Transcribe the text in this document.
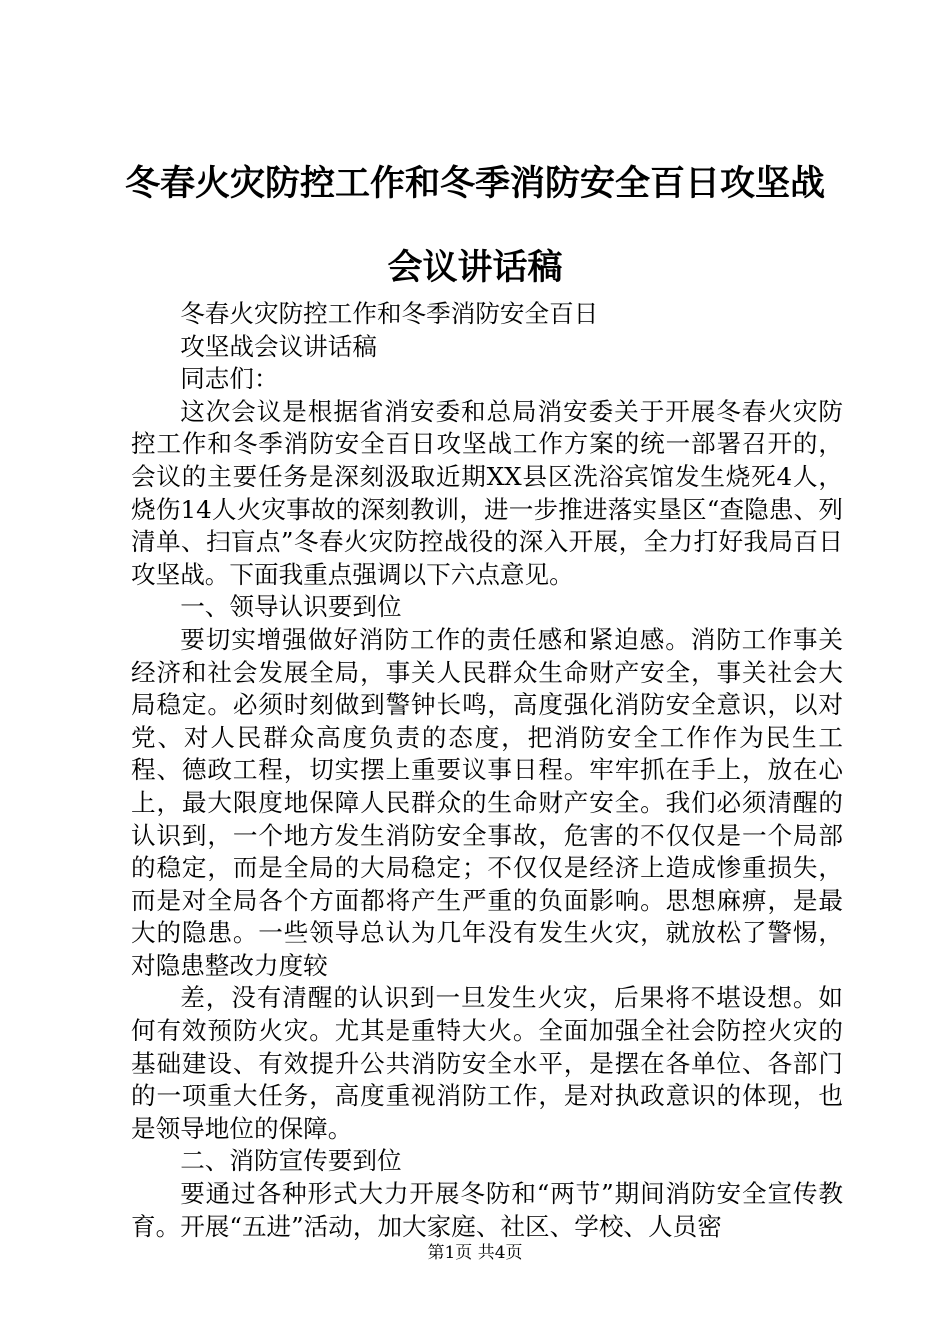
冬春火灾防控工作和冬季消防安全百日攻坚战
会议讲话稿

冬春火灾防控工作和冬季消防安全百日

攻坚战会议讲话稿

同志们：

这次会议是根据省消安委和总局消安委关于开展冬春火灾防控工作和冬季消防安全百日攻坚战工作方案的统一部署召开的，会议的主要任务是深刻汲取近期XX县区洗浴宾馆发生烧死4人，烧伤14人火灾事故的深刻教训，进一步推进落实垦区“查隐患、列清单、扫盲点”冬春火灾防控战役的深入开展，全力打好我局百日攻坚战。下面我重点强调以下六点意见。

一、领导认识要到位

要切实增强做好消防工作的责任感和紧迫感。消防工作事关经济和社会发展全局，事关人民群众生命财产安全，事关社会大局稳定。必须时刻做到警钟长鸣，高度强化消防安全意识，以对党、对人民群众高度负责的态度，把消防安全工作作为民生工程、德政工程，切实摆上重要议事日程。牢牢抓在手上，放在心上，最大限度地保障人民群众的生命财产安全。我们必须清醒的认识到，一个地方发生消防安全事故，危害的不仅仅是一个局部的稳定，而是全局的大局稳定；不仅仅是经济上造成惨重损失，而是对全局各个方面都将产生严重的负面影响。思想麻痹，是最大的隐患。一些领导总认为几年没有发生火灾，就放松了警惕，对隐患整改力度较

差，没有清醒的认识到一旦发生火灾，后果将不堪设想。如何有效预防火灾。尤其是重特大火。全面加强全社会防控火灾的基础建设、有效提升公共消防安全水平，是摆在各单位、各部门的一项重大任务，高度重视消防工作，是对执政意识的体现，也是领导地位的保障。

二、消防宣传要到位

要通过各种形式大力开展冬防和“两节”期间消防安全宣传教育。开展“五进”活动，加大家庭、社区、学校、人员密

第1页 共4页
